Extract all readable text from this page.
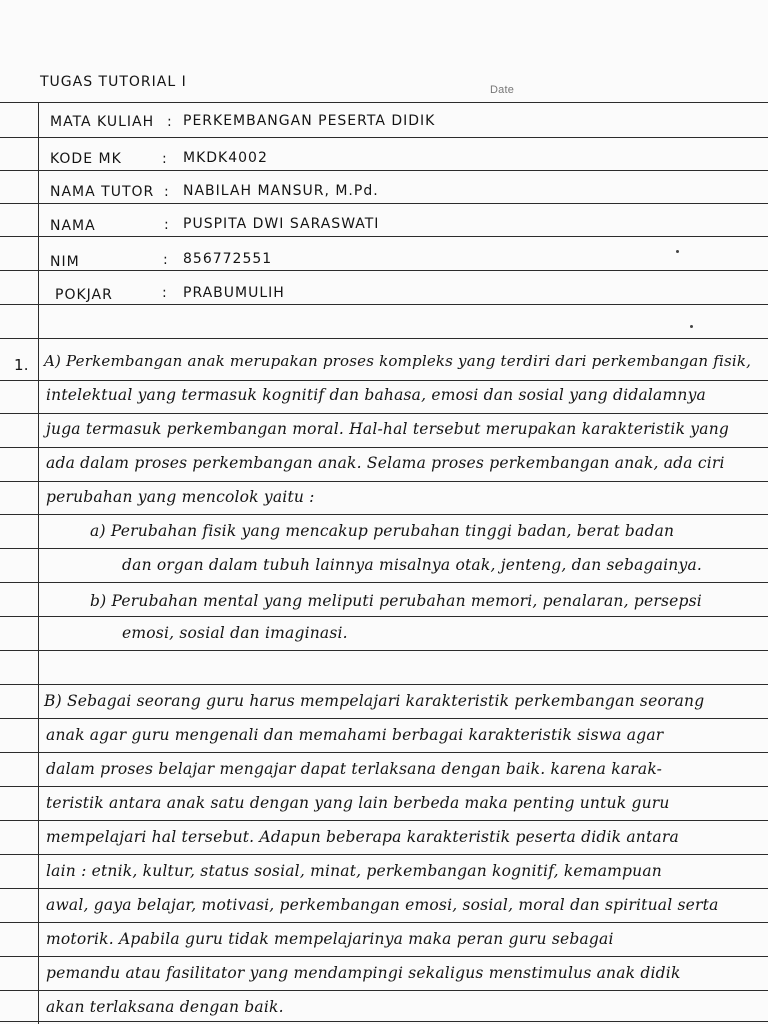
TUGAS TUTORIAL I	Date
MATA KULIAH : PERKEMBANGAN PESERTA DIDIK
KODE MK	: MKDK4002
NAMA TUTOR : NABILAH MANSUR, M.Pd.
NAMA	: PUSPITA DWI SARASWATI
NIM	: 856772551
POKJAR	: PRABUMULIH
1. A) Perkembangan anak merupakan proses kompleks yang terdiri dari perkembangan fisik,
intelektual yang termasuk kognitif dan bahasa, emosi dan sosial yang didalamnya
juga termasuk perkembangan moral. Hal-hal tersebut merupakan karakteristik yang
ada dalam proses perkembangan anak. Selama proses perkembangan anak, ada ciri
perubahan yang mencolok yaitu :
a) Perubahan fisik yang mencakup perubahan tinggi badan, berat badan
dan organ dalam tubuh lainnya misalnya otak, jenteng, dan sebagainya.
b) Perubahan mental yang meliputi perubahan memori, penalaran, persepsi
emosi, sosial dan imaginasi.
B) Sebagai seorang guru harus mempelajari karakteristik perkembangan seorang
anak agar guru mengenali dan memahami berbagai karakteristik siswa agar
dalam proses belajar mengajar dapat terlaksana dengan baik. karena karak-
teristik antara anak satu dengan yang lain berbeda maka penting untuk guru
mempelajari hal tersebut. Adapun beberapa karakteristik peserta didik antara
lain : etnik, kultur, status sosial, minat, perkembangan kognitif, kemampuan
awal, gaya belajar, motivasi, perkembangan emosi, sosial, moral dan spiritual serta
motorik. Apabila guru tidak mempelajarinya maka peran guru sebagai
pemandu atau fasilitator yang mendampingi sekaligus menstimulus anak didik
akan terlaksana dengan baik.
